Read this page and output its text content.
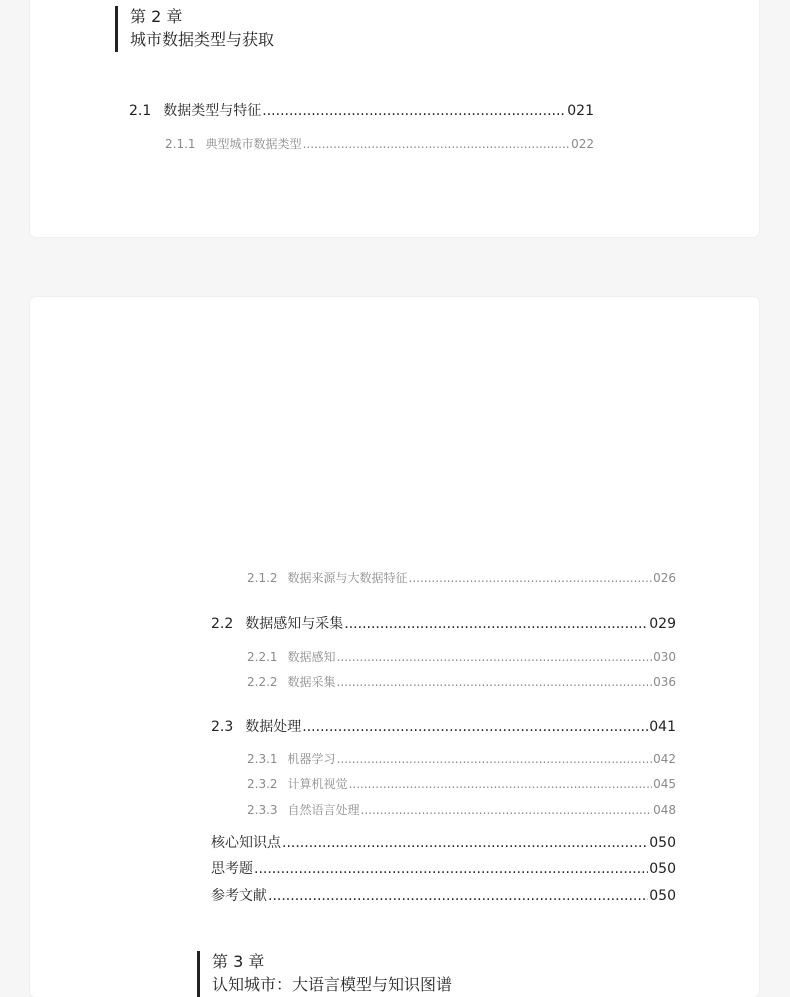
第 2 章
城市数据类型与获取
2.1 数据类型与特征 .....	021
2.1.1 典型城市数据类型 .....	022
2.1.2 数据来源与大数据特征 .....	026
2.2 数据感知与采集 .....	029
2.2.1 数据感知 .....	030
2.2.2 数据采集 .....	036
2.3 数据处理 .....	041
2.3.1 机器学习 .....	042
2.3.2 计算机视觉 .....	045
2.3.3 自然语言处理 .....	048
核心知识点 .....	050
思考题 .....	050
参考文献 .....	050
第 3 章
认知城市：大语言模型与知识图谱
